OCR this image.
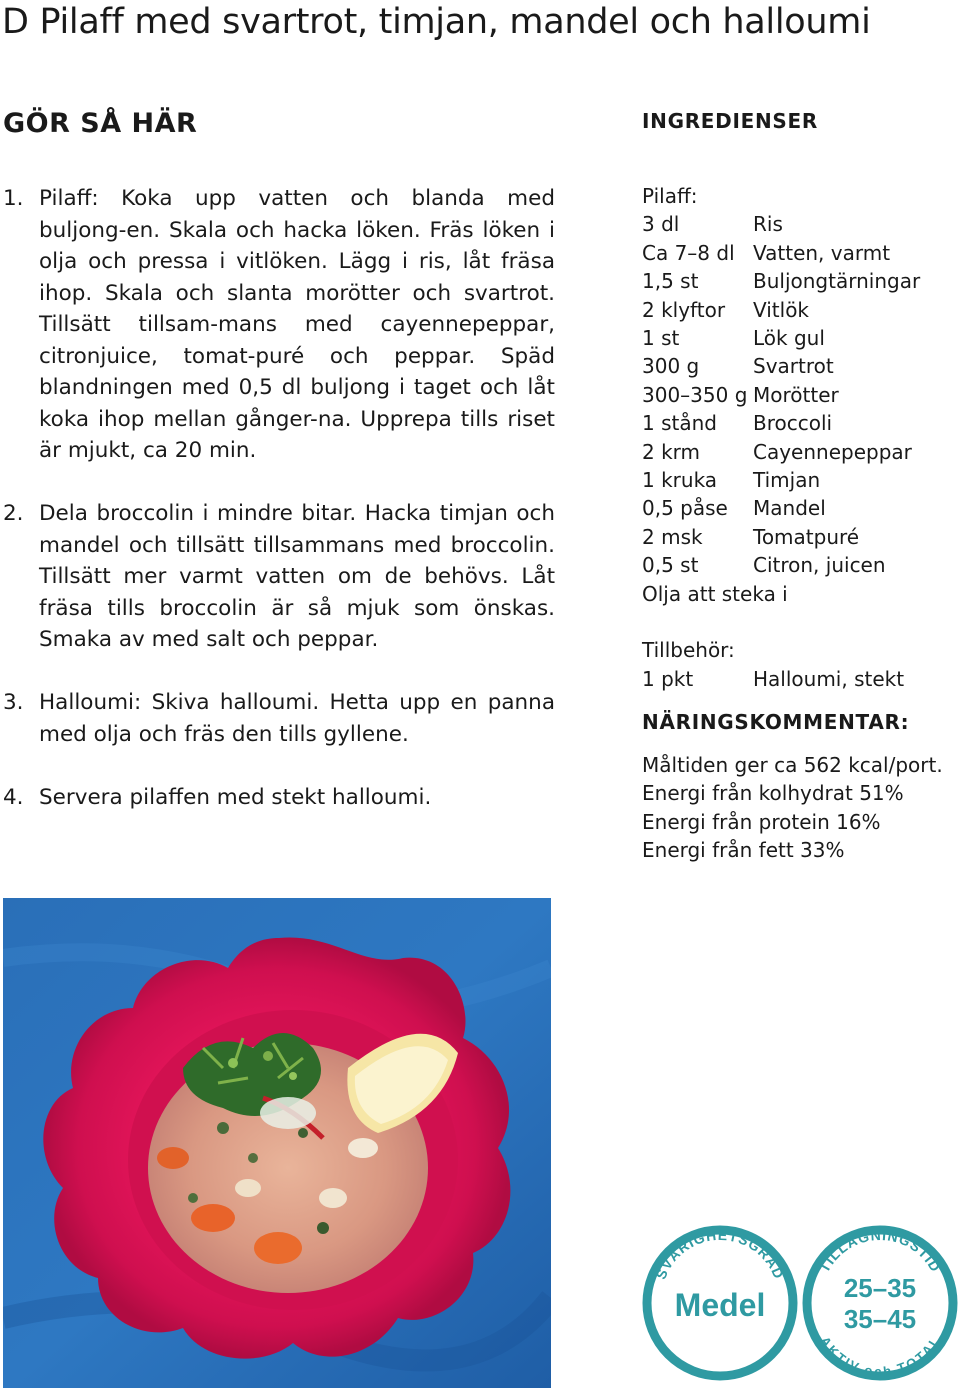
D Pilaff med svartrot, timjan, mandel och halloumi
GÖR SÅ HÄR
1. Pilaff: Koka upp vatten och blanda med buljong-en. Skala och hacka löken. Fräs löken i olja och pressa i vitlöken. Lägg i ris, låt fräsa ihop. Skala och slanta morötter och svartrot. Tillsätt tillsam-mans med cayennepeppar, citronjuice, tomat-puré och peppar. Späd blandningen med 0,5 dl buljong i taget och låt koka ihop mellan gånger-na. Upprepa tills riset är mjukt, ca 20 min.
2. Dela broccolin i mindre bitar. Hacka timjan och mandel och tillsätt tillsammans med broccolin. Tillsätt mer varmt vatten om de behövs. Låt fräsa tills broccolin är så mjuk som önskas. Smaka av med salt och peppar.
3. Halloumi: Skiva halloumi. Hetta upp en panna med olja och fräs den tills gyllene.
4. Servera pilaffen med stekt halloumi.
INGREDIENSER
Pilaff:
3 dl	Ris
Ca 7–8 dl Vatten, varmt
1,5 st	Buljongtärningar
2 klyftor	Vitlök
1 st	Lök gul
300 g	Svartrot
300–350 g Morötter
1 stånd	Broccoli
2 krm	Cayennepeppar
1 kruka	Timjan
0,5 påse	Mandel
2 msk	Tomatpuré
0,5 st	Citron, juicen
Olja att steka i
Tillbehör:
1 pkt	Halloumi, stekt
NÄRINGSKOMMENTAR:
Måltiden ger ca 562 kcal/port.
Energi från kolhydrat 51%
Energi från protein 16%
Energi från fett 33%
SVÅRIGHETSGRAD
Medel
TILLAGNINGSTID
25–35
35–45
AKTIV och TOTAL
